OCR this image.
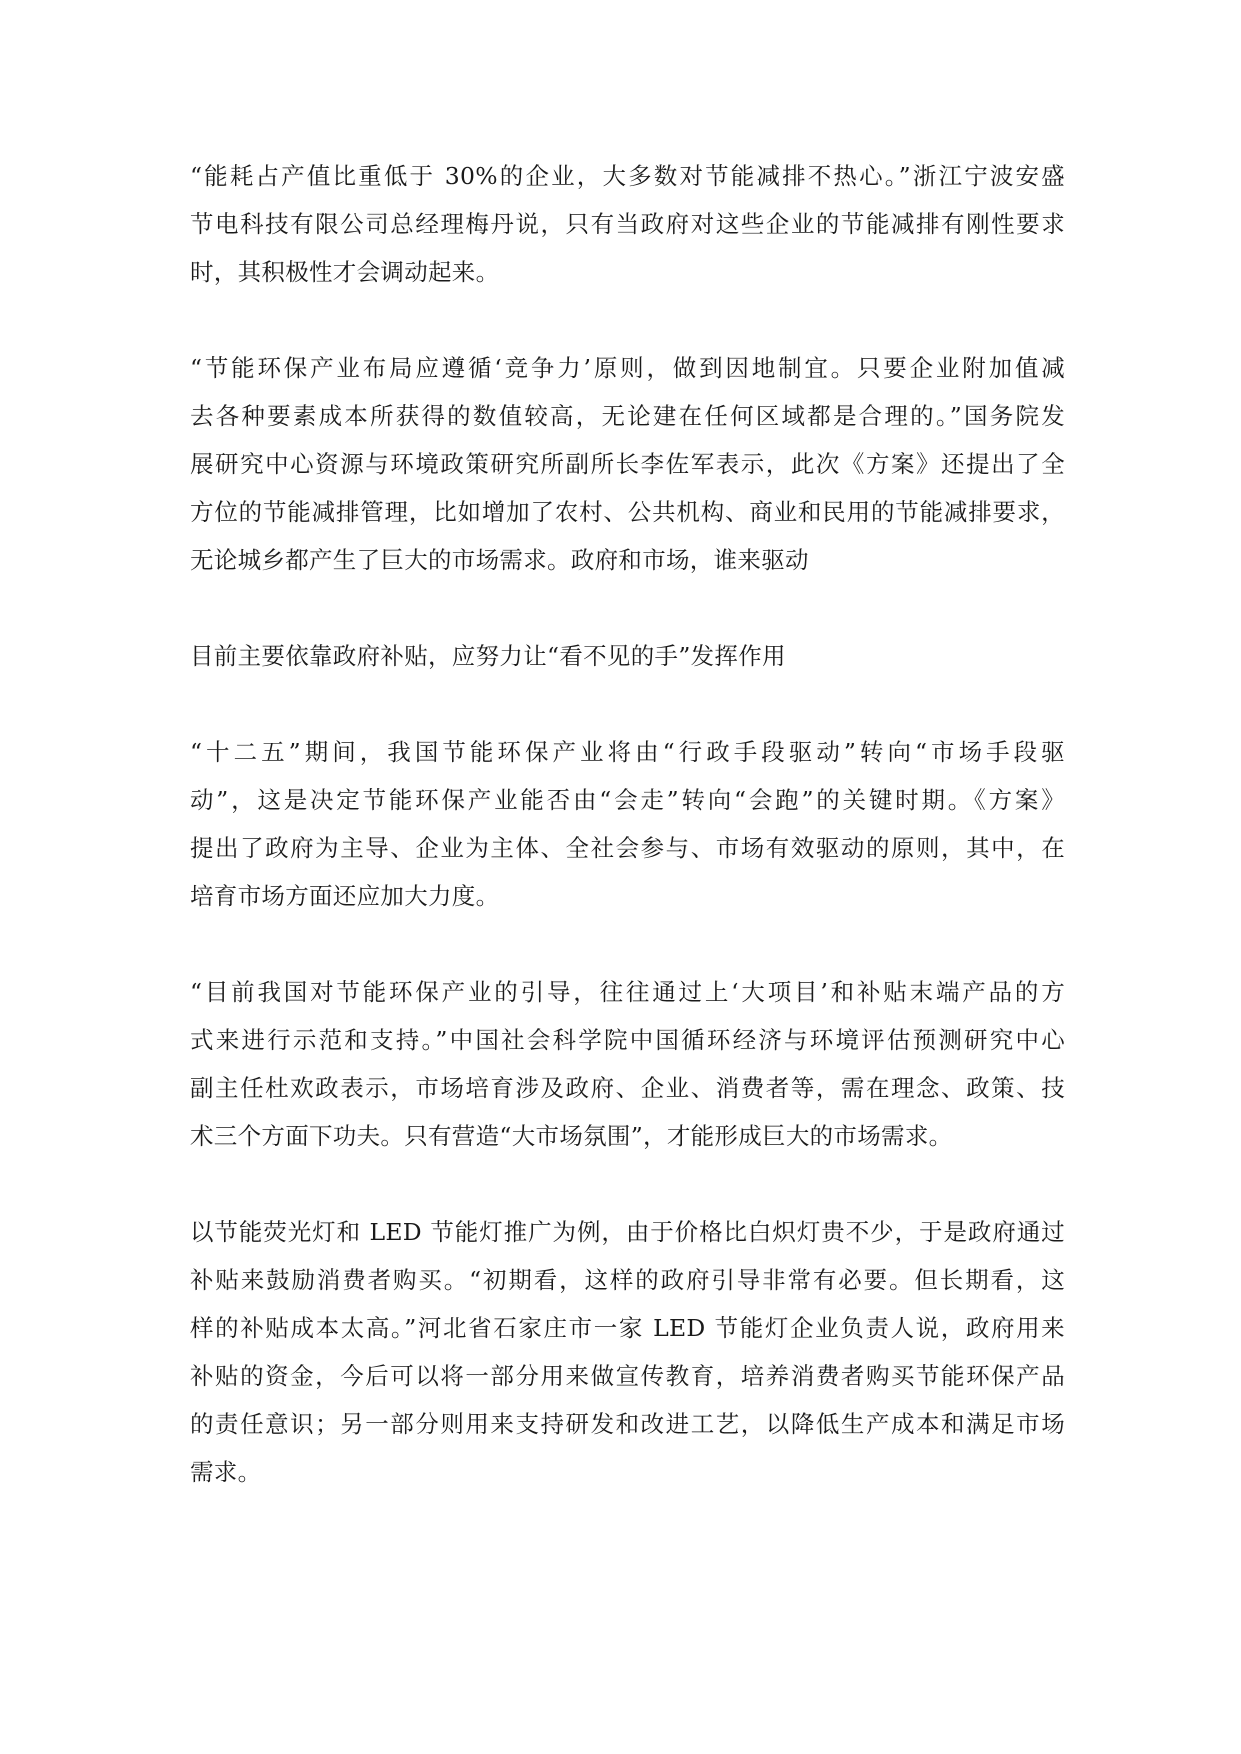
“能耗占产值比重低于 30%的企业，大多数对节能减排不热心。”浙江宁波安盛
节电科技有限公司总经理梅丹说，只有当政府对这些企业的节能减排有刚性要求
时，其积极性才会调动起来。

“节能环保产业布局应遵循‘竞争力’原则，做到因地制宜。只要企业附加值减
去各种要素成本所获得的数值较高，无论建在任何区域都是合理的。”国务院发
展研究中心资源与环境政策研究所副所长李佐军表示，此次《方案》还提出了全
方位的节能减排管理，比如增加了农村、公共机构、商业和民用的节能减排要求，
无论城乡都产生了巨大的市场需求。政府和市场，谁来驱动

目前主要依靠政府补贴，应努力让“看不见的手”发挥作用

“十二五”期间，我国节能环保产业将由“行政手段驱动”转向“市场手段驱
动”，这是决定节能环保产业能否由“会走”转向“会跑”的关键时期。《方案》
提出了政府为主导、企业为主体、全社会参与、市场有效驱动的原则，其中，在
培育市场方面还应加大力度。

“目前我国对节能环保产业的引导，往往通过上‘大项目’和补贴末端产品的方
式来进行示范和支持。”中国社会科学院中国循环经济与环境评估预测研究中心
副主任杜欢政表示，市场培育涉及政府、企业、消费者等，需在理念、政策、技
术三个方面下功夫。只有营造“大市场氛围”，才能形成巨大的市场需求。

以节能荧光灯和 LED 节能灯推广为例，由于价格比白炽灯贵不少，于是政府通过
补贴来鼓励消费者购买。“初期看，这样的政府引导非常有必要。但长期看，这
样的补贴成本太高。”河北省石家庄市一家 LED 节能灯企业负责人说，政府用来
补贴的资金，今后可以将一部分用来做宣传教育，培养消费者购买节能环保产品
的责任意识；另一部分则用来支持研发和改进工艺，以降低生产成本和满足市场
需求。
